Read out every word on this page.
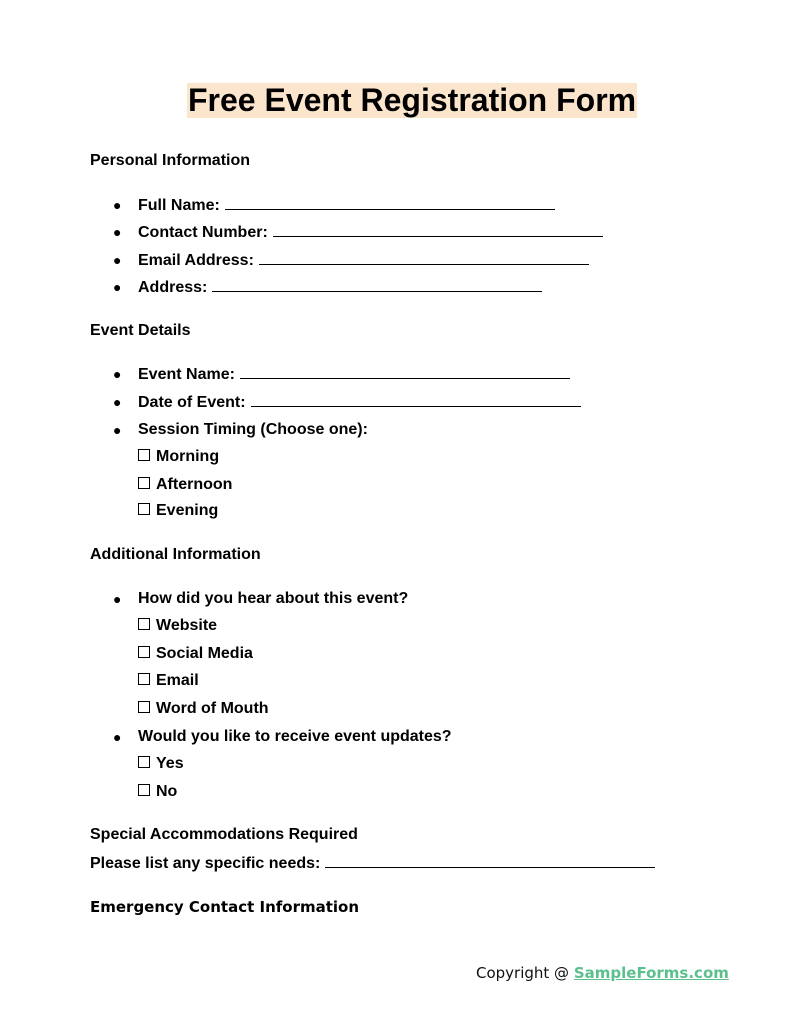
Free Event Registration Form
Personal Information
● Full Name:
● Contact Number:
● Email Address:
● Address:
Event Details
● Event Name:
● Date of Event:
● Session Timing (Choose one):
Morning
Afternoon
Evening
Additional Information
● How did you hear about this event?
Website
Social Media
Email
Word of Mouth
● Would you like to receive event updates?
Yes
No
Special Accommodations Required
Please list any specific needs:
Emergency Contact Information
Copyright @ SampleForms.com
